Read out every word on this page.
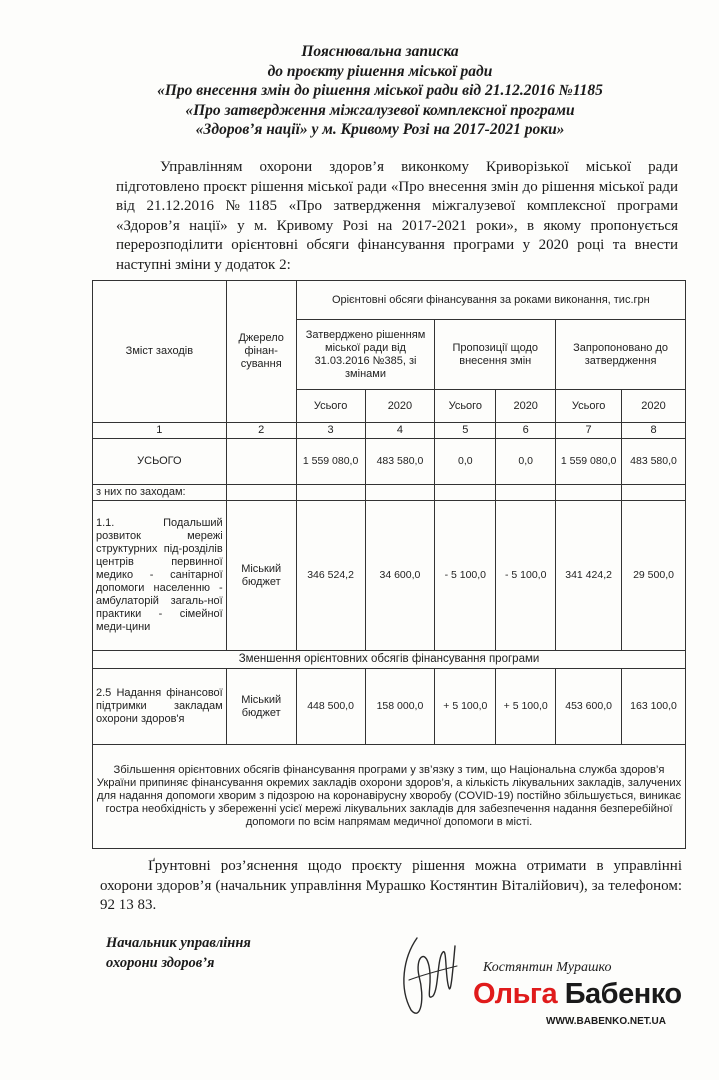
Пояснювальна записка
до проєкту рішення міської ради
«Про внесення змін до рішення міської ради від 21.12.2016 №1185
«Про затвердження міжгалузевої комплексної програми
«Здоров’я нації» у м. Кривому Розі на 2017-2021 роки»
Управлінням охорони здоров’я виконкому Криворізької міської ради підготовлено проєкт рішення міської ради «Про внесення змін до рішення міської ради від 21.12.2016 №1185 «Про затвердження міжгалузевої комплексної програми «Здоров’я нації» у м. Кривому Розі на 2017-2021 роки», в якому пропонується перерозподілити орієнтовні обсяги фінансування програми у 2020 році та внести наступні зміни у додаток 2:
Зміст заходів	Джерело фінан-сування	Орієнтовні обсяги фінансування за роками виконання, тис.грн					
		Затверджено рішенням міської ради від 31.03.2016 №385, зі змінами		Пропозиції щодо внесення змін		Запропоновано до затвердження	
		Усього	2020	Усього	2020	Усього	2020
1	2	3	4	5	6	7	8
УСЬОГО		1 559 080,0	483 580,0	0,0	0,0	1 559 080,0	483 580,0
з них по заходам:							
1.1. Подальший розвиток мережі структурних під-розділів центрів первинної медико - санітарної допомоги населенню - амбулаторій загаль-ної практики - сімейної меди-цини	Міський бюджет	346 524,2	34 600,0	- 5 100,0	- 5 100,0	341 424,2	29 500,0
Зменшення орієнтовних обсягів фінансування програми							
2.5 Надання фінансової підтримки закладам охорони здоров'я	Міський бюджет	448 500,0	158 000,0	+ 5 100,0	+ 5 100,0	453 600,0	163 100,0
Збільшення орієнтовних обсягів фінансування програми у зв’язку з тим, що Національна служба здоров’я України припиняє фінансування окремих закладів охорони здоров’я, а кількість лікувальних закладів, залучених для надання допомоги хворим з підозрою на коронавірусну хворобу (COVID-19) постійно збільшується, виникає гостра необхідність у збереженні усієї мережі лікувальних закладів для забезпечення надання безперебійної допомоги по всім напрямам медичної допомоги в місті.							
Ґрунтовні роз’яснення щодо проєкту рішення можна отримати в управлінні охорони здоров’я (начальник управління Мурашко Костянтин Віталійович), за телефоном: 92 13 83.
Начальник управління
охорони здоров’я	Костянтин Мурашко
Ольга Бабенко
WWW.BABENKO.NET.UA
